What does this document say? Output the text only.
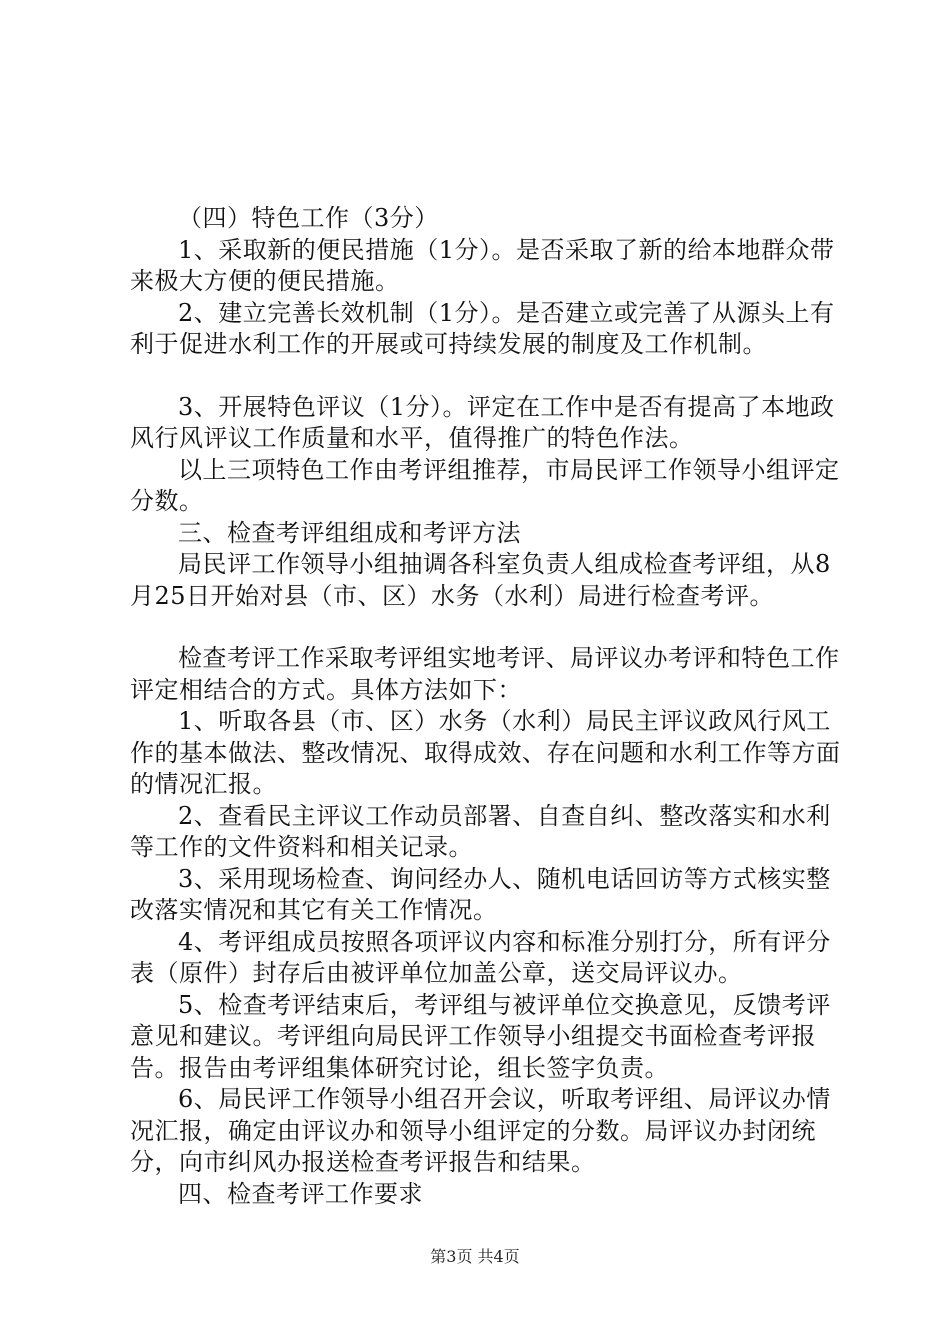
（四）特色工作（3分）

1、采取新的便民措施（1分）。是否采取了新的给本地群众带来极大方便的便民措施。

2、建立完善长效机制（1分）。是否建立或完善了从源头上有利于促进水利工作的开展或可持续发展的制度及工作机制。

3、开展特色评议（1分）。评定在工作中是否有提高了本地政风行风评议工作质量和水平，值得推广的特色作法。

以上三项特色工作由考评组推荐，市局民评工作领导小组评定分数。

三、检查考评组组成和考评方法

局民评工作领导小组抽调各科室负责人组成检查考评组，从8月25日开始对县（市、区）水务（水利）局进行检查考评。

检查考评工作采取考评组实地考评、局评议办考评和特色工作评定相结合的方式。具体方法如下：

1、听取各县（市、区）水务（水利）局民主评议政风行风工作的基本做法、整改情况、取得成效、存在问题和水利工作等方面的情况汇报。

2、查看民主评议工作动员部署、自查自纠、整改落实和水利等工作的文件资料和相关记录。

3、采用现场检查、询问经办人、随机电话回访等方式核实整改落实情况和其它有关工作情况。

4、考评组成员按照各项评议内容和标准分别打分，所有评分表（原件）封存后由被评单位加盖公章，送交局评议办。

5、检查考评结束后，考评组与被评单位交换意见，反馈考评意见和建议。考评组向局民评工作领导小组提交书面检查考评报告。报告由考评组集体研究讨论，组长签字负责。

6、局民评工作领导小组召开会议，听取考评组、局评议办情况汇报，确定由评议办和领导小组评定的分数。局评议办封闭统分，向市纠风办报送检查考评报告和结果。

四、检查考评工作要求

第3页 共4页
